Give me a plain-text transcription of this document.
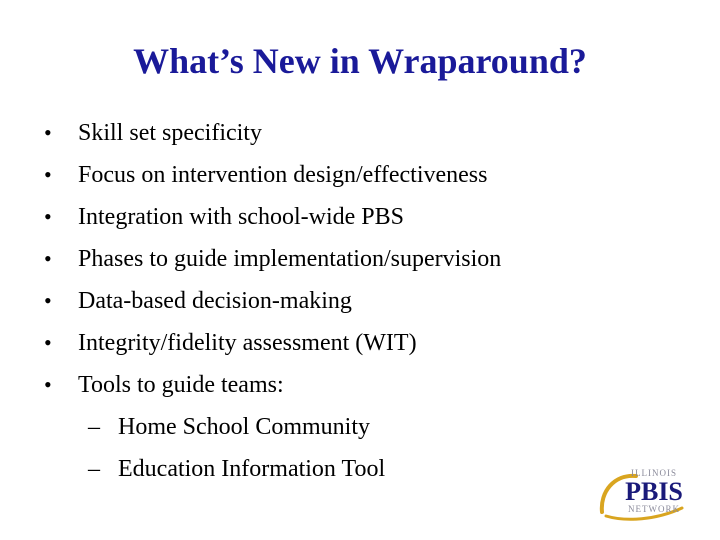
What’s New in Wraparound?
•	Skill set specificity
•	Focus on intervention design/effectiveness
•	Integration with school-wide PBS
•	Phases to guide implementation/supervision
•	Data-based decision-making
•	Integrity/fidelity assessment (WIT)
•	Tools to guide teams:
– Home School Community
– Education Information Tool	ILLINOIS
PBIS
NETWORK
